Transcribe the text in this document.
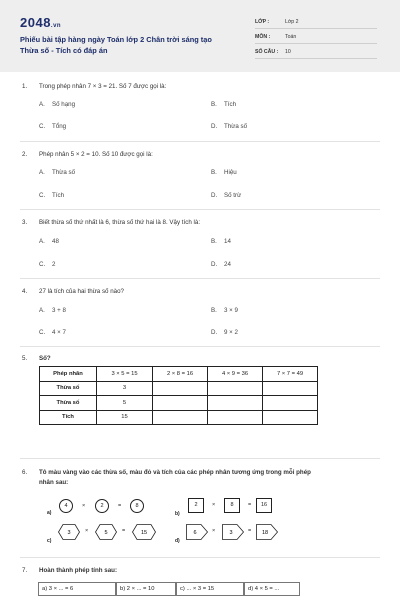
2048.vn
Phiếu bài tập hàng ngày Toán lớp 2 Chân trời sáng tạo
Thừa số - Tích có đáp án
LỚP :	Lớp 2
MÔN :	Toán
SỐ CÂU : 10
1. Trong phép nhân 7 × 3 = 21. Số 7 được gọi là:
A. Số hạng	B. Tích
C. Tổng	D. Thừa số
2. Phép nhân 5 × 2 = 10. Số 10 được gọi là:
A. Thừa số	B. Hiệu
C. Tích	D. Số trừ
3. Biết thừa số thứ nhất là 6, thừa số thứ hai là 8. Vậy tích là:
A. 48	B. 14
C. 2	D. 24
4. 27 là tích của hai thừa số nào?
A. 3 + 8	B. 3 × 9
C. 4 × 7	D. 9 × 2
5. Số?
Phép nhân	3 × 5 = 15	2 × 8 = 16	4 × 9 = 36	7 × 7 = 49
Thừa số	3			
Thừa số	5			
Tích	15			
6. Tô màu vàng vào các thừa số, màu đỏ và tích của các phép nhân tương ứng trong mỗi phép
nhân sau:
a)
4	×	2	=	8
b)
2	×	8	=	16
c)
3	×	5	=	15
d)
6	×	3	= 18
7. Hoàn thành phép tính sau:
a) 3 × ... = 6	b) 2 × ... = 10	c) ... × 3 = 15	d) 4 × 5 = ...
